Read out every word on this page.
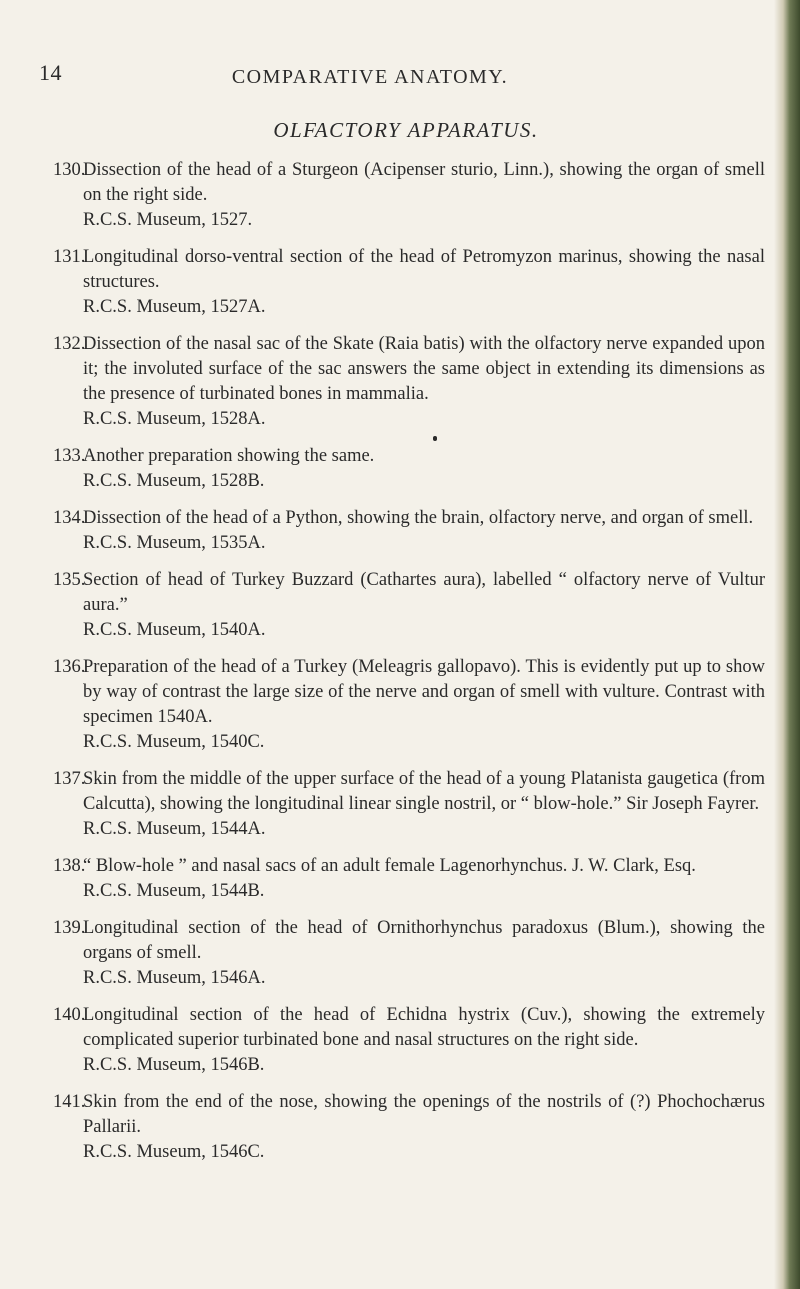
14	COMPARATIVE ANATOMY.
OLFACTORY APPARATUS.
130.
Dissection of the head of a Sturgeon (Acipenser sturio, Linn.), showing the organ of smell on the right side.
R.C.S. Museum, 1527.
131.
Longitudinal dorso-ventral section of the head of Petromyzon marinus, showing the nasal structures.
R.C.S. Museum, 1527A.
132.
Dissection of the nasal sac of the Skate (Raia batis) with the olfactory nerve expanded upon it; the involuted surface of the sac answers the same object in extending its dimensions as the presence of turbinated bones in mammalia.
R.C.S. Museum, 1528A.
133.
Another preparation showing the same.
R.C.S. Museum, 1528B.
134.
Dissection of the head of a Python, showing the brain, olfactory nerve, and organ of smell.
R.C.S. Museum, 1535A.
135.
Section of head of Turkey Buzzard (Cathartes aura), labelled “ olfactory nerve of Vultur aura.”
R.C.S. Museum, 1540A.
136.
Preparation of the head of a Turkey (Meleagris gallopavo). This is evidently put up to show by way of contrast the large size of the nerve and organ of smell with vulture. Contrast with specimen 1540A.
R.C.S. Museum, 1540C.
137.
Skin from the middle of the upper surface of the head of a young Platanista gaugetica (from Calcutta), showing the longitudinal linear single nostril, or “ blow-hole.” Sir Joseph Fayrer.
R.C.S. Museum, 1544A.
138.
“ Blow-hole ” and nasal sacs of an adult female Lagenorhynchus. J. W. Clark, Esq.
R.C.S. Museum, 1544B.
139.
Longitudinal section of the head of Ornithorhynchus paradoxus (Blum.), showing the organs of smell.
R.C.S. Museum, 1546A.
140.
Longitudinal section of the head of Echidna hystrix (Cuv.), showing the extremely complicated superior turbinated bone and nasal structures on the right side.
R.C.S. Museum, 1546B.
141.
Skin from the end of the nose, showing the openings of the nostrils of (?) Phochochærus Pallarii.
R.C.S. Museum, 1546C.
